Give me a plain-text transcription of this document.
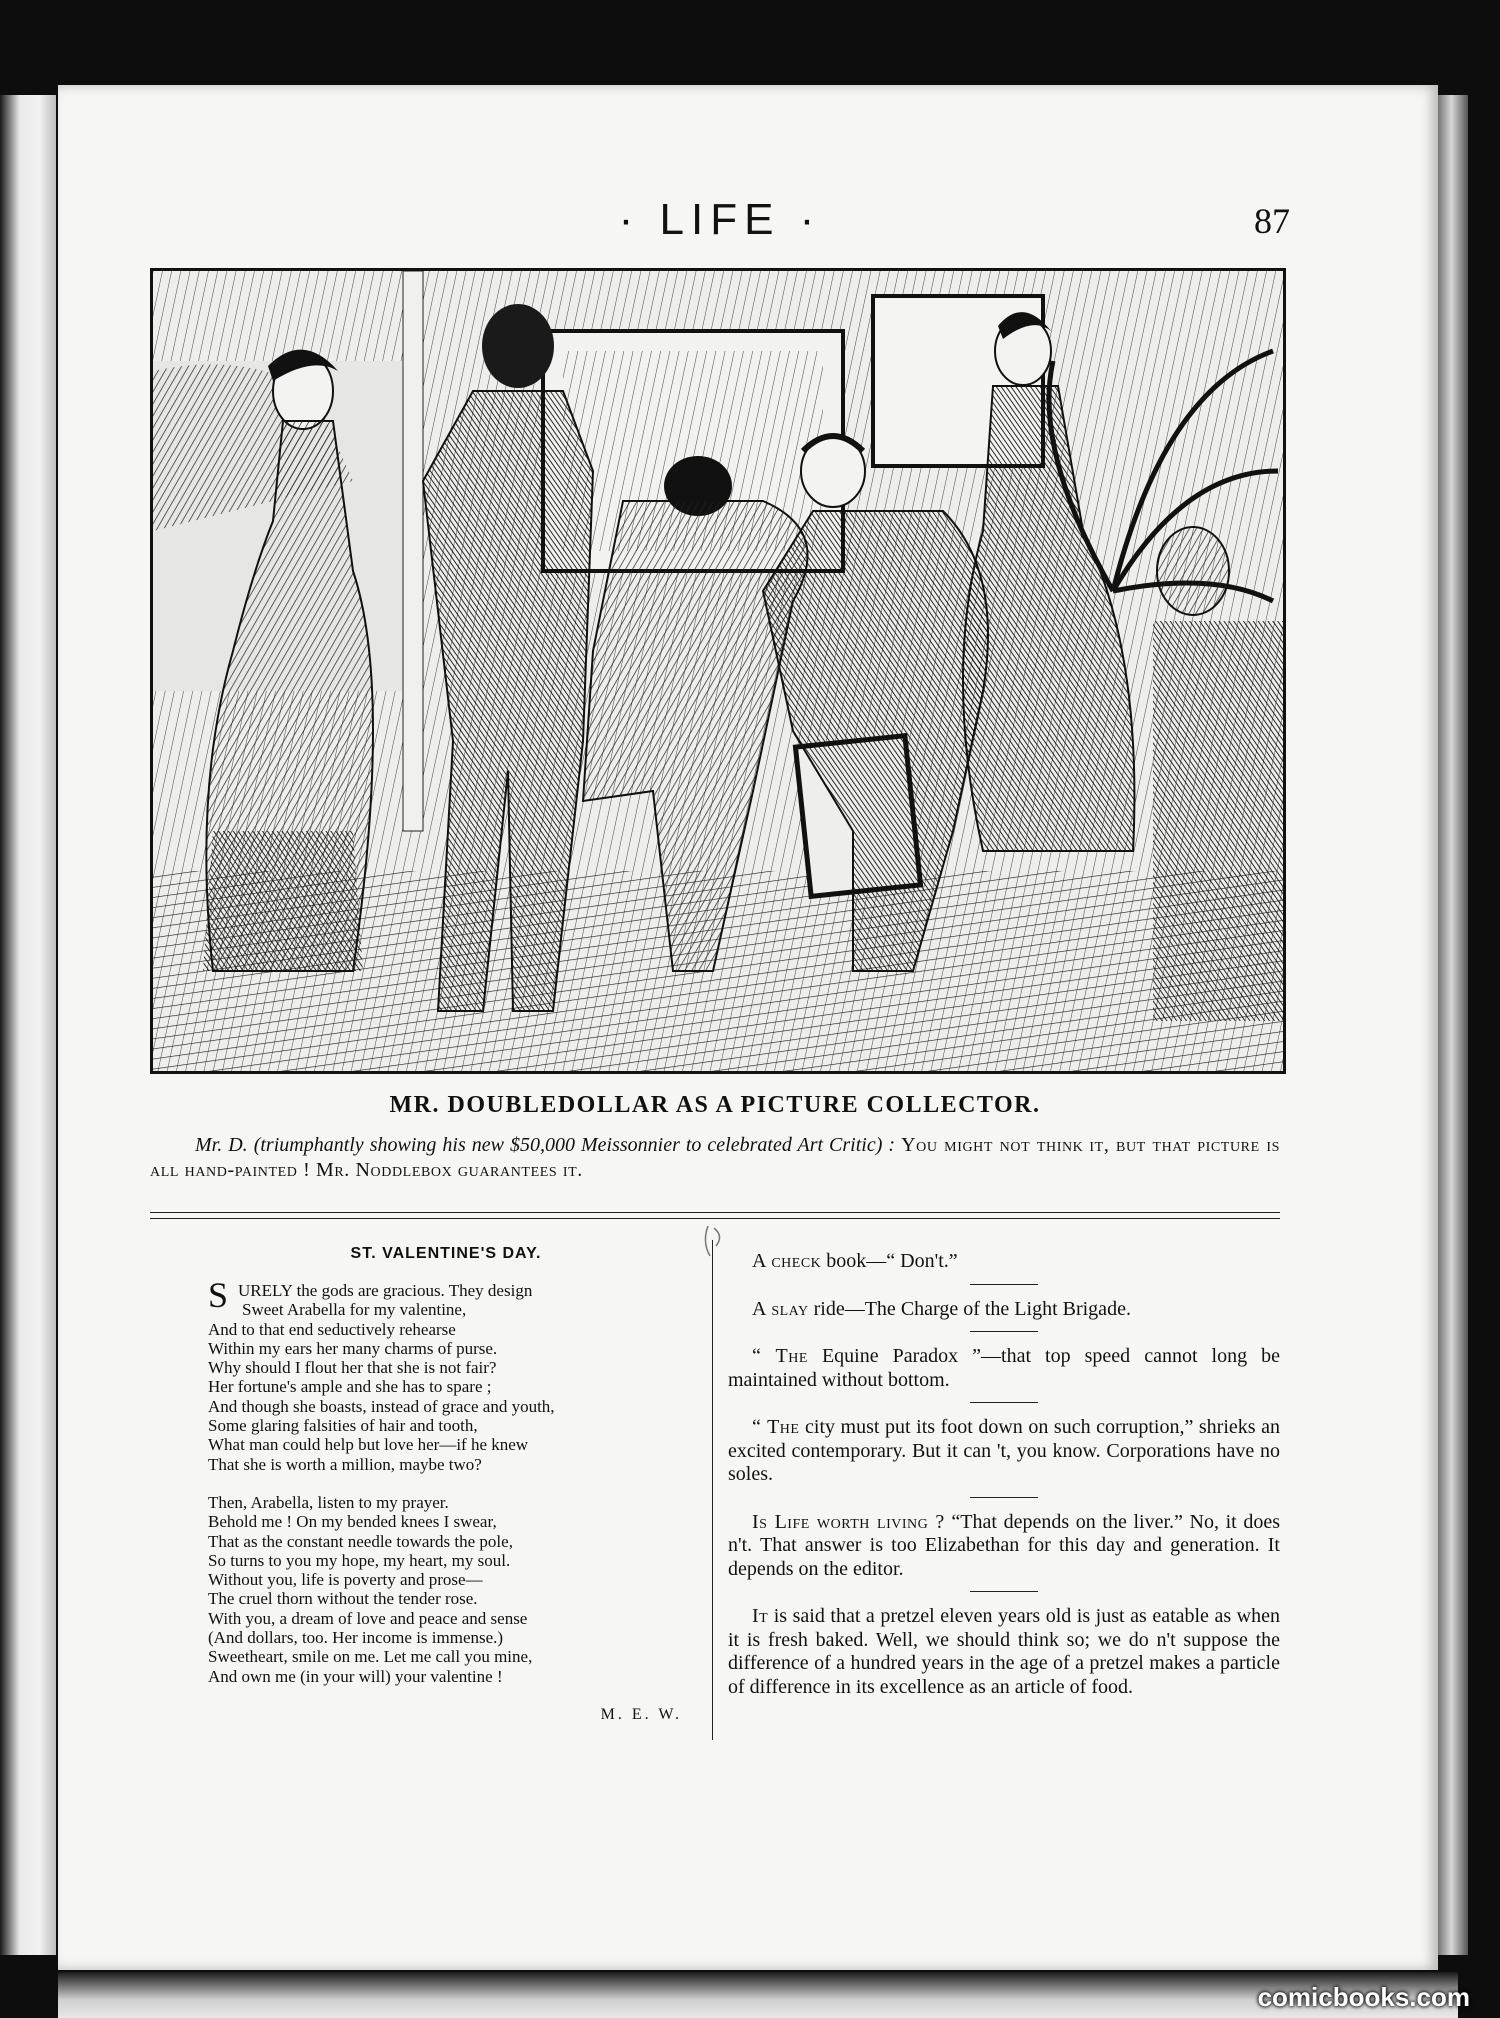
· LIFE ·	87
MR. DOUBLEDOLLAR AS A PICTURE COLLECTOR.
Mr. D. (triumphantly showing his new $50,000 Meissonnier to celebrated Art Critic) : You might not think it, but that picture is all hand-painted ! Mr. Noddlebox guarantees it.
ST. VALENTINE'S DAY.
S URELY the gods are gracious. They design
Sweet Arabella for my valentine,
And to that end seductively rehearse
Within my ears her many charms of purse.
Why should I flout her that she is not fair?
Her fortune's ample and she has to spare ;
And though she boasts, instead of grace and youth,
Some glaring falsities of hair and tooth,
What man could help but love her—if he knew
That she is worth a million, maybe two?
Then, Arabella, listen to my prayer.
Behold me ! On my bended knees I swear,
That as the constant needle towards the pole,
So turns to you my hope, my heart, my soul.
Without you, life is poverty and prose—
The cruel thorn without the tender rose.
With you, a dream of love and peace and sense
(And dollars, too. Her income is immense.)
Sweetheart, smile on me. Let me call you mine,
And own me (in your will) your valentine !
M. E. W.
A check book—“ Don't.”
A slay ride—The Charge of the Light Brigade.
“ The Equine Paradox ”—that top speed cannot long be maintained without bottom.
“ The city must put its foot down on such corruption,” shrieks an excited contemporary. But it can 't, you know. Corporations have no soles.
Is Life worth living ? “That depends on the liver.” No, it does n't. That answer is too Elizabethan for this day and generation. It depends on the editor.
It is said that a pretzel eleven years old is just as eatable as when it is fresh baked. Well, we should think so; we do n't suppose the difference of a hundred years in the age of a pretzel makes a particle of difference in its excellence as an article of food.
comicbooks.com
